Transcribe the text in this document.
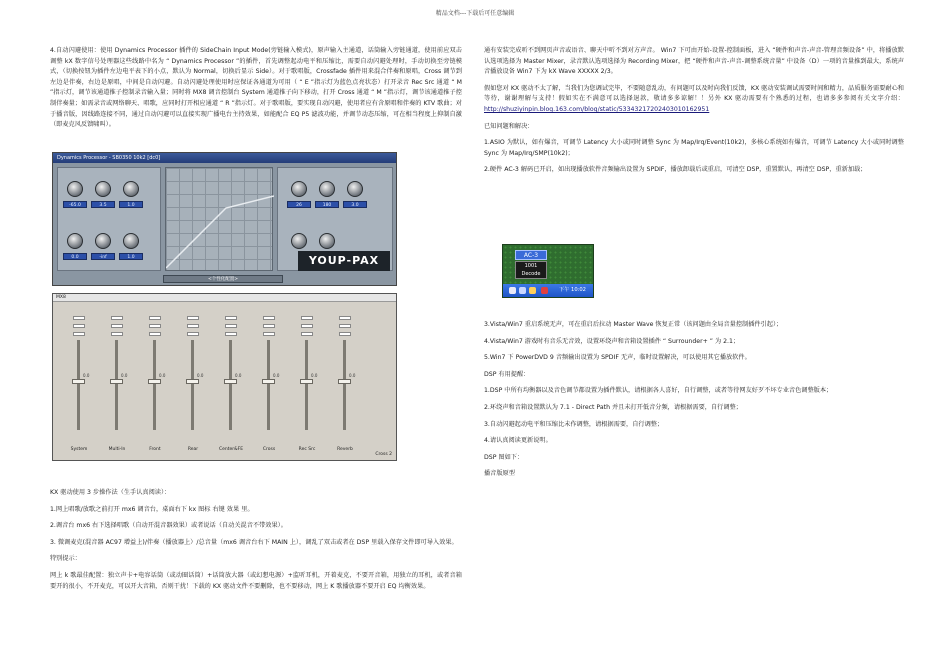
精品文档---下载后可任意编辑

4.自动闪避使用：使用 Dynamics Processor 插件的 SideChain Input Mode(旁链输入模式)，原声输入主通道，话筒输入旁链通道，使用前应双击调整 kX 数字信号处理器这些线路中名为 “ Dynamics Processor ”的插件，首先调整起动电平和压缩比，需要自动闪避处理时，手动切换至旁链模式，（切换按钮为插件左边电平表下的小点，默认为 Normal，切换后显示 Side）。对于歌唱版，Crossfade 插件用来混合伴奏和原唱，Cross 调节到左边是伴奏，右边是原唱，中间是自动闪避。自动闪避处理使用时应保证各通道为可用（ “ E ”指示灯为蓝色点亮状态）打开录音 Rec Src 通道 “ M ”指示灯，调节该通道推子控制录音输入量；同时将 MX8 调音控制台 System 通道推子向下移动，打开 Cross 通道 “ M ”指示灯，调节该通道推子控制伴奏量；如需录音或网络聊天、唱歌，应同时打开相应通道 “ R ”指示灯。对于歌唱版，要实现自动闪避，使用者应有含原唱和伴奏的 KTV 歌曲；对于播音版，因线路连接不同，通过自动闪避可以直接实现广播电台主持效果，如能配合 EQ P5 滤波功能，并调节动态压缩，可在相当程度上抑制自激（即麦克风反馈啸叫）。

Dynamics Processor - SB0350 10k2 [dc0]
-65.0	3.5	1.0
0.0	-inf	1.0
26	180	3.0
YOUP-PAX
<个性化配置>
MX8
0.0
System
0.0
Multi-In
0.0
Front
0.0
Rear
0.0
Center&FE
0.0
Cross
0.0
Rec Src
0.0
Reverb
Cross 2

KX 驱动使用 3 步操作法（生手认真阅读）：

1.网上唱歌/放歌之前打开 mx6 调音台，桌面右下 kx 图标 右键 效果 里。

2.调音台 mx6 右下选择唱歌（自动开混音器效果）或者说话（自动关混音不带效果）。

3. 微调麦克(混音器 AC97 增益上)/伴奏（播放器上）/总音量（mx6 调音台右下 MAIN 上），调乱了双击或者在 DSP 里载入保存文件即可导入效果。

特别提示：

网上 k 歌最佳配置：独立声卡+电容话筒（或动圈话筒）+话筒放大器（或幻想电源）+监听耳机，开着麦克，不要开音箱，用独立的耳机，或者音箱要开的很小，不开麦克，可以开大音箱，否则干扰！下载的 KX 驱动文件不要删除，也不要移动，网上 K 歌播放器不要开启 EQ 均衡效果。

通有安装完成听不到网页声音或语音、聊天中听不到对方声音。 Win7 下可由开始-设置-控制面板，进入 “硬件和声音-声音-管理音频设备” 中，将播放默认选项选择为 Master Mixer，录音默认选项选择为 Recording Mixer，把 “硬件和声音-声音-调整系统音量” 中设备（D）一项的音量推到最大，系统声音播放设备 Win7 下为 kX Wave XXXXX 2/3。

假如您对 KX 驱动不太了解，当我们为您调试完毕，不要随意乱动，有问题可以及时向我们反馈，KX 驱动安装调试需要时间和精力，品质服务需要耐心和等待，谢谢理解与支持！假如实在不满意可以选择退款，敬请多多谅解！！另外 KX 驱动需要有个熟悉的过程，也请多多参阅有关文字介绍：http://shuziyinpin.blog.163.com/blog/static/53343217202403010162951

已知问题和解决：

1.ASIO 为默认，如有爆音，可调节 Latency 大小或同时调整 Sync 为 Map/Irq/Event(10k2)，多核心系统如有爆音，可调节 Latency 大小或同时调整 Sync 为 Map/Irq/SMP(10k2)；

2.硬件 AC-3 解码已开启，如出现播放软件音频输出设置为 SPDIF，播放卸载后或重启，可清空 DSP，重置默认，再清空 DSP，重新加载；

AC-3
1001
Decode
下午 10:02

3.Vista/Win7 重启系统无声，可在重启后拉动 Master Wave 恢复正常（该问题由全局音量控制插件引起）；

4.Vista/Win7 游戏时有音乐无音效，设置环绕声和音箱设置插件 “ Surrounder+ ” 为 2.1；

5.Win7 下 PowerDVD 9 音频输出设置为 SPDIF 无声，临时设置解决，可以使用其它播放软件。

DSP 有用提醒：

1.DSP 中所有均衡器以及音色调节都设置为插件默认，请根据各人喜好，自行调整，或者等待网友好歹不坏专业音色调整版本；

2.环绕声和音箱设置默认为 7.1 - Direct Path 并且未打开低音分频，请根据需要，自行调整；

3.自动闪避起动电平和压缩比未作调整，请根据需要，自行调整；

4.请认真阅读更新说明。

DSP 图如下：

播音版原型
